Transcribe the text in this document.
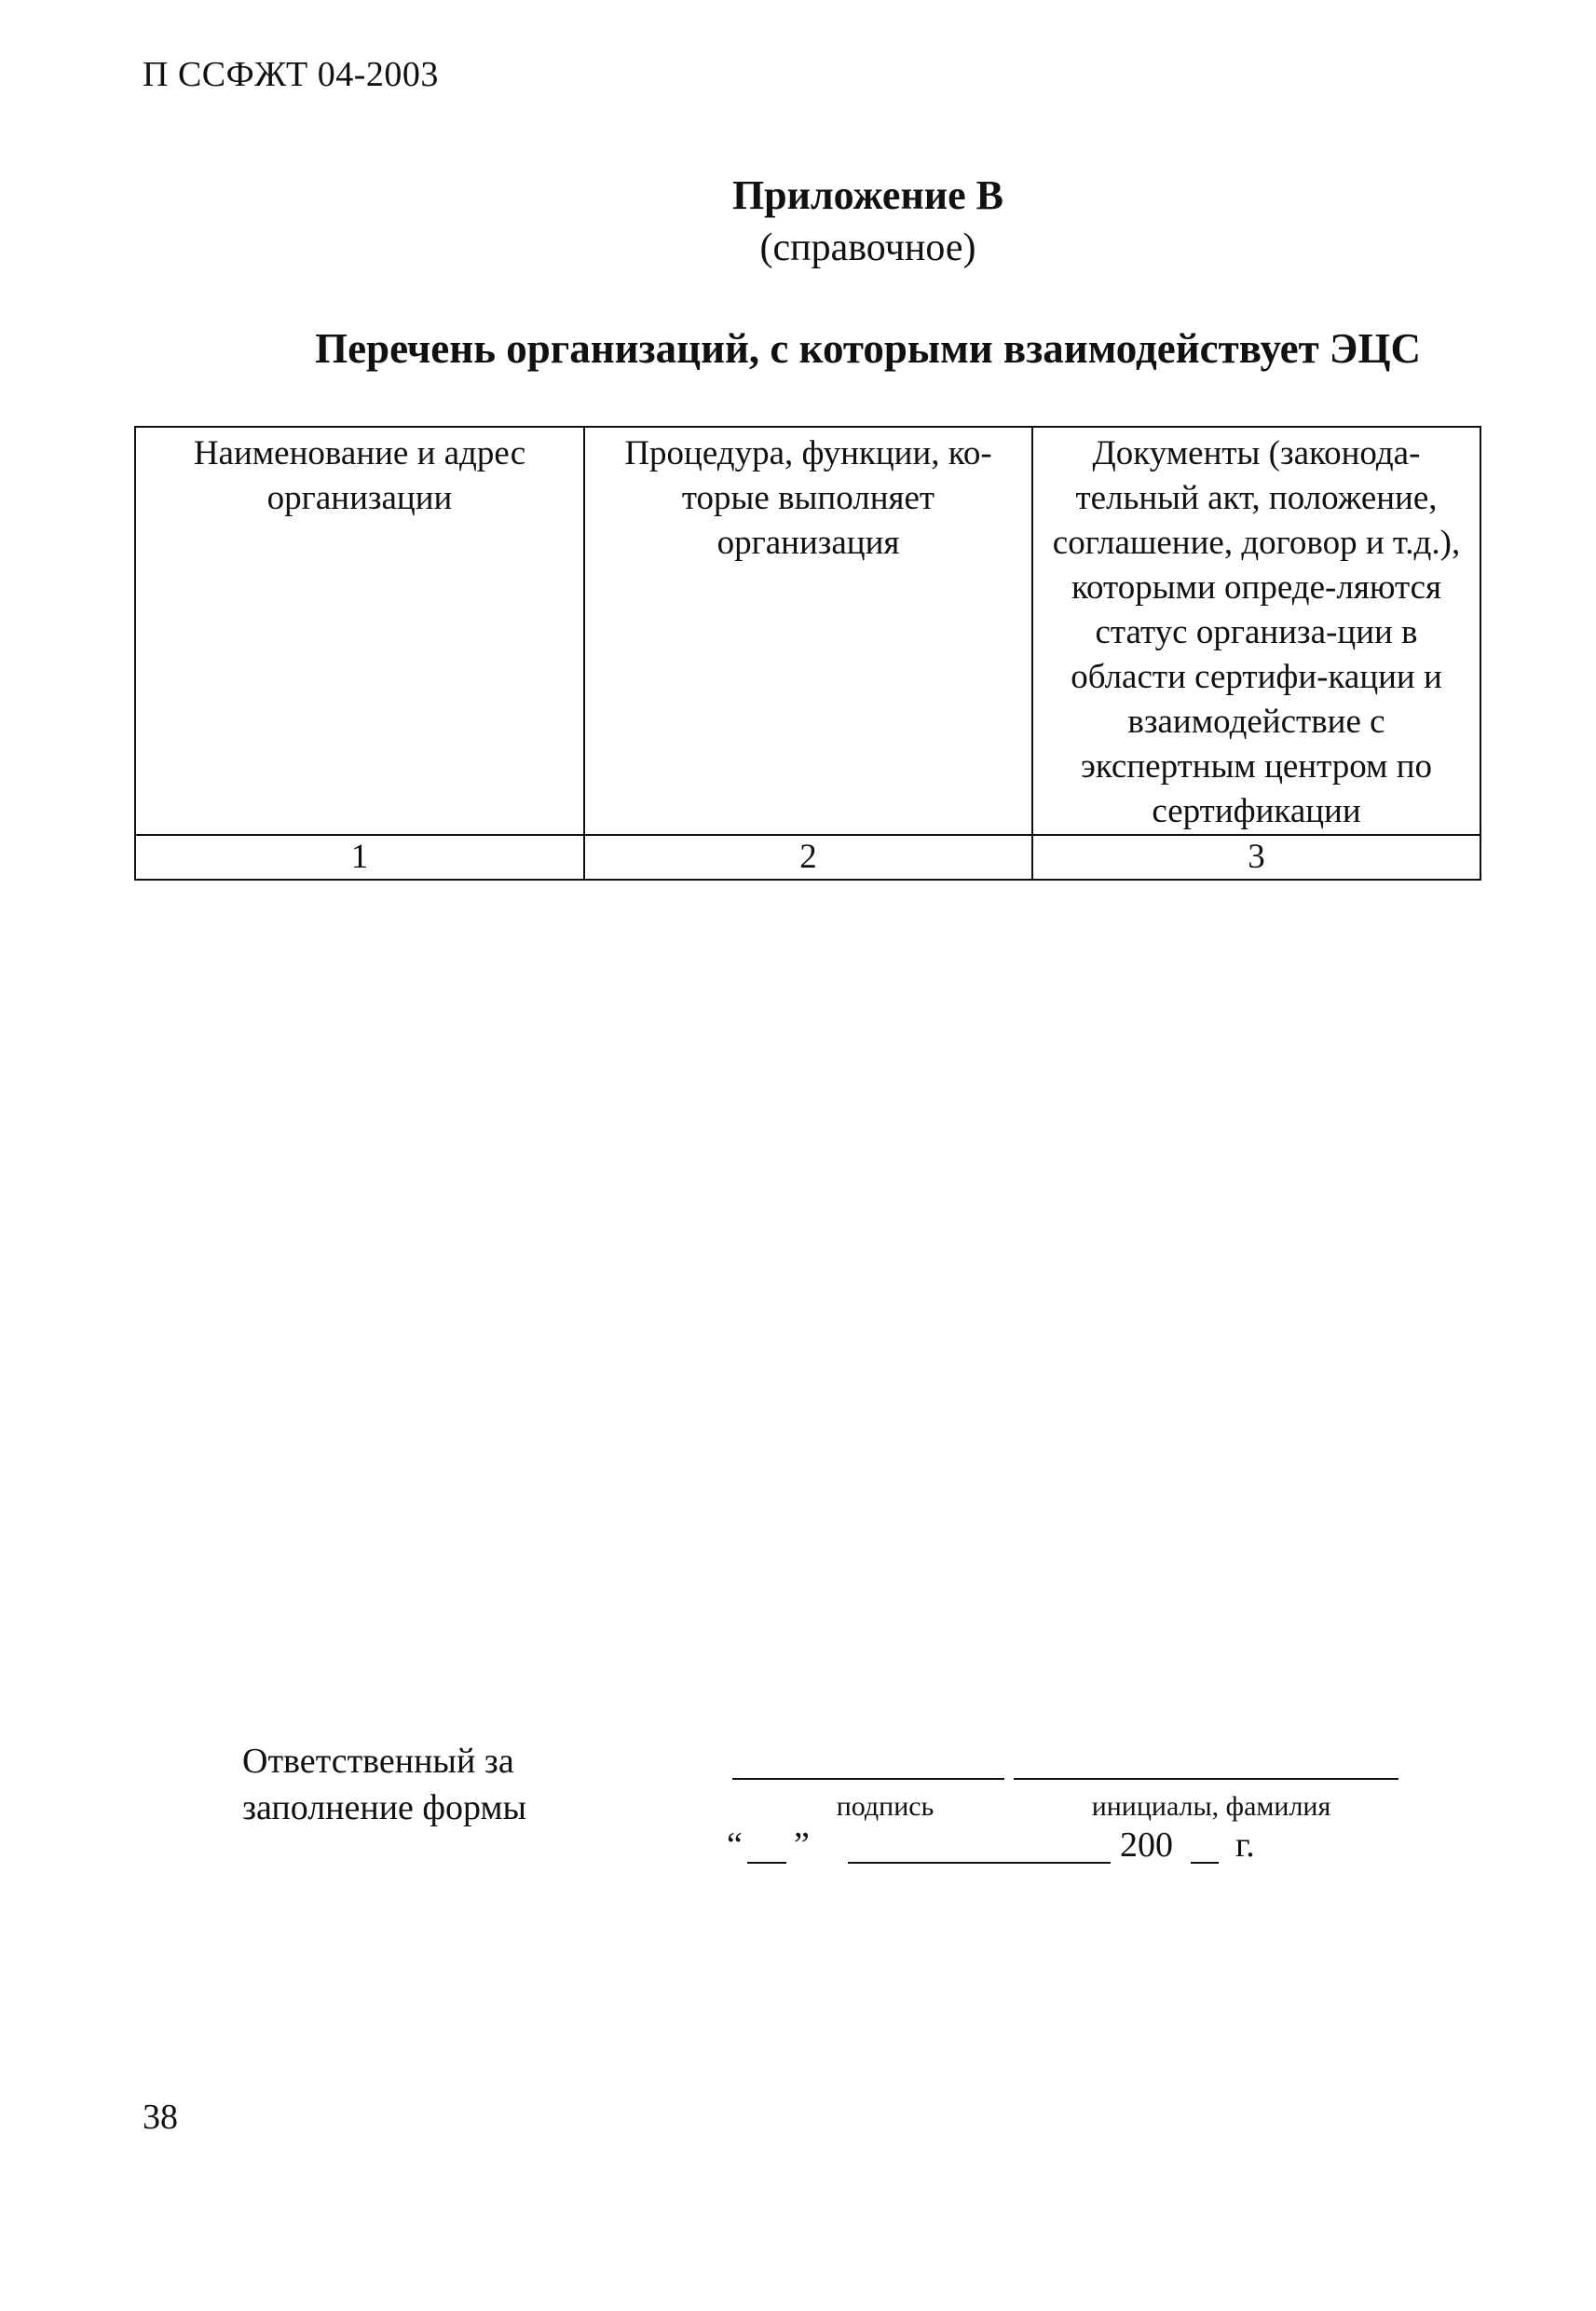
П ССФЖТ 04-2003
Приложение В
(справочное)
Перечень организаций, с которыми взаимодействует ЭЦС
Наименование и адрес организации	Процедура, функции, ко-торые выполняет организация	Документы (законода-тельный акт, положение, соглашение, договор и т.д.), которыми опреде-ляются статус организа-ции в области сертифи-кации и взаимодействие с экспертным центром по сертификации
1	2	3
Ответственный за заполнение формы	подпись	инициалы, фамилия
“ ”	200 г.
38
